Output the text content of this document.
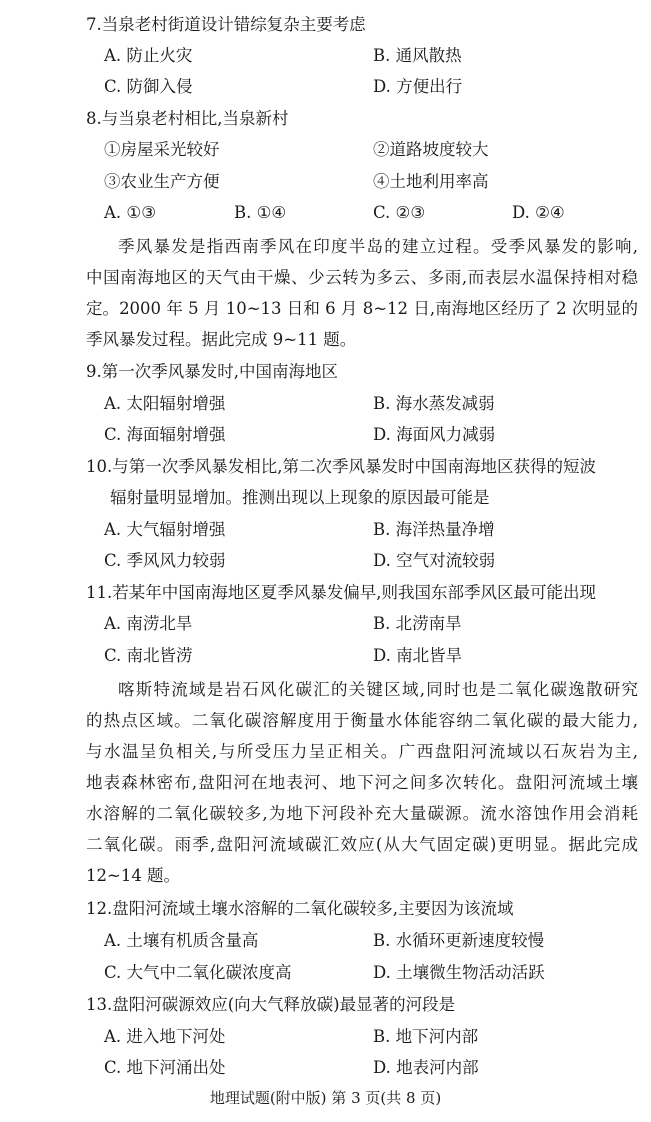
7.当泉老村街道设计错综复杂主要考虑
A. 防止火灾	B. 通风散热
C. 防御入侵	D. 方便出行
8.与当泉老村相比,当泉新村
①房屋采光较好	②道路坡度较大
③农业生产方便	④土地利用率高
A. ①③	B. ①④	C. ②③	D. ②④
季风暴发是指西南季风在印度半岛的建立过程。受季风暴发的影响,
中国南海地区的天气由干燥、少云转为多云、多雨,而表层水温保持相对稳
定。2000 年 5 月 10~13 日和 6 月 8~12 日,南海地区经历了 2 次明显的
季风暴发过程。据此完成 9~11 题。
9.第一次季风暴发时,中国南海地区
A. 太阳辐射增强	B. 海水蒸发减弱
C. 海面辐射增强	D. 海面风力减弱
10.与第一次季风暴发相比,第二次季风暴发时中国南海地区获得的短波
辐射量明显增加。推测出现以上现象的原因最可能是
A. 大气辐射增强	B. 海洋热量净增
C. 季风风力较弱	D. 空气对流较弱
11.若某年中国南海地区夏季风暴发偏早,则我国东部季风区最可能出现
A. 南涝北旱	B. 北涝南旱
C. 南北皆涝	D. 南北皆旱
喀斯特流域是岩石风化碳汇的关键区域,同时也是二氧化碳逸散研究
的热点区域。二氧化碳溶解度用于衡量水体能容纳二氧化碳的最大能力,
与水温呈负相关,与所受压力呈正相关。广西盘阳河流域以石灰岩为主,
地表森林密布,盘阳河在地表河、地下河之间多次转化。盘阳河流域土壤
水溶解的二氧化碳较多,为地下河段补充大量碳源。流水溶蚀作用会消耗
二氧化碳。雨季,盘阳河流域碳汇效应(从大气固定碳)更明显。据此完成
12~14 题。
12.盘阳河流域土壤水溶解的二氧化碳较多,主要因为该流域
A. 土壤有机质含量高	B. 水循环更新速度较慢
C. 大气中二氧化碳浓度高	D. 土壤微生物活动活跃
13.盘阳河碳源效应(向大气释放碳)最显著的河段是
A. 进入地下河处	B. 地下河内部
C. 地下河涌出处	D. 地表河内部
地理试题(附中版) 第 3 页(共 8 页)
